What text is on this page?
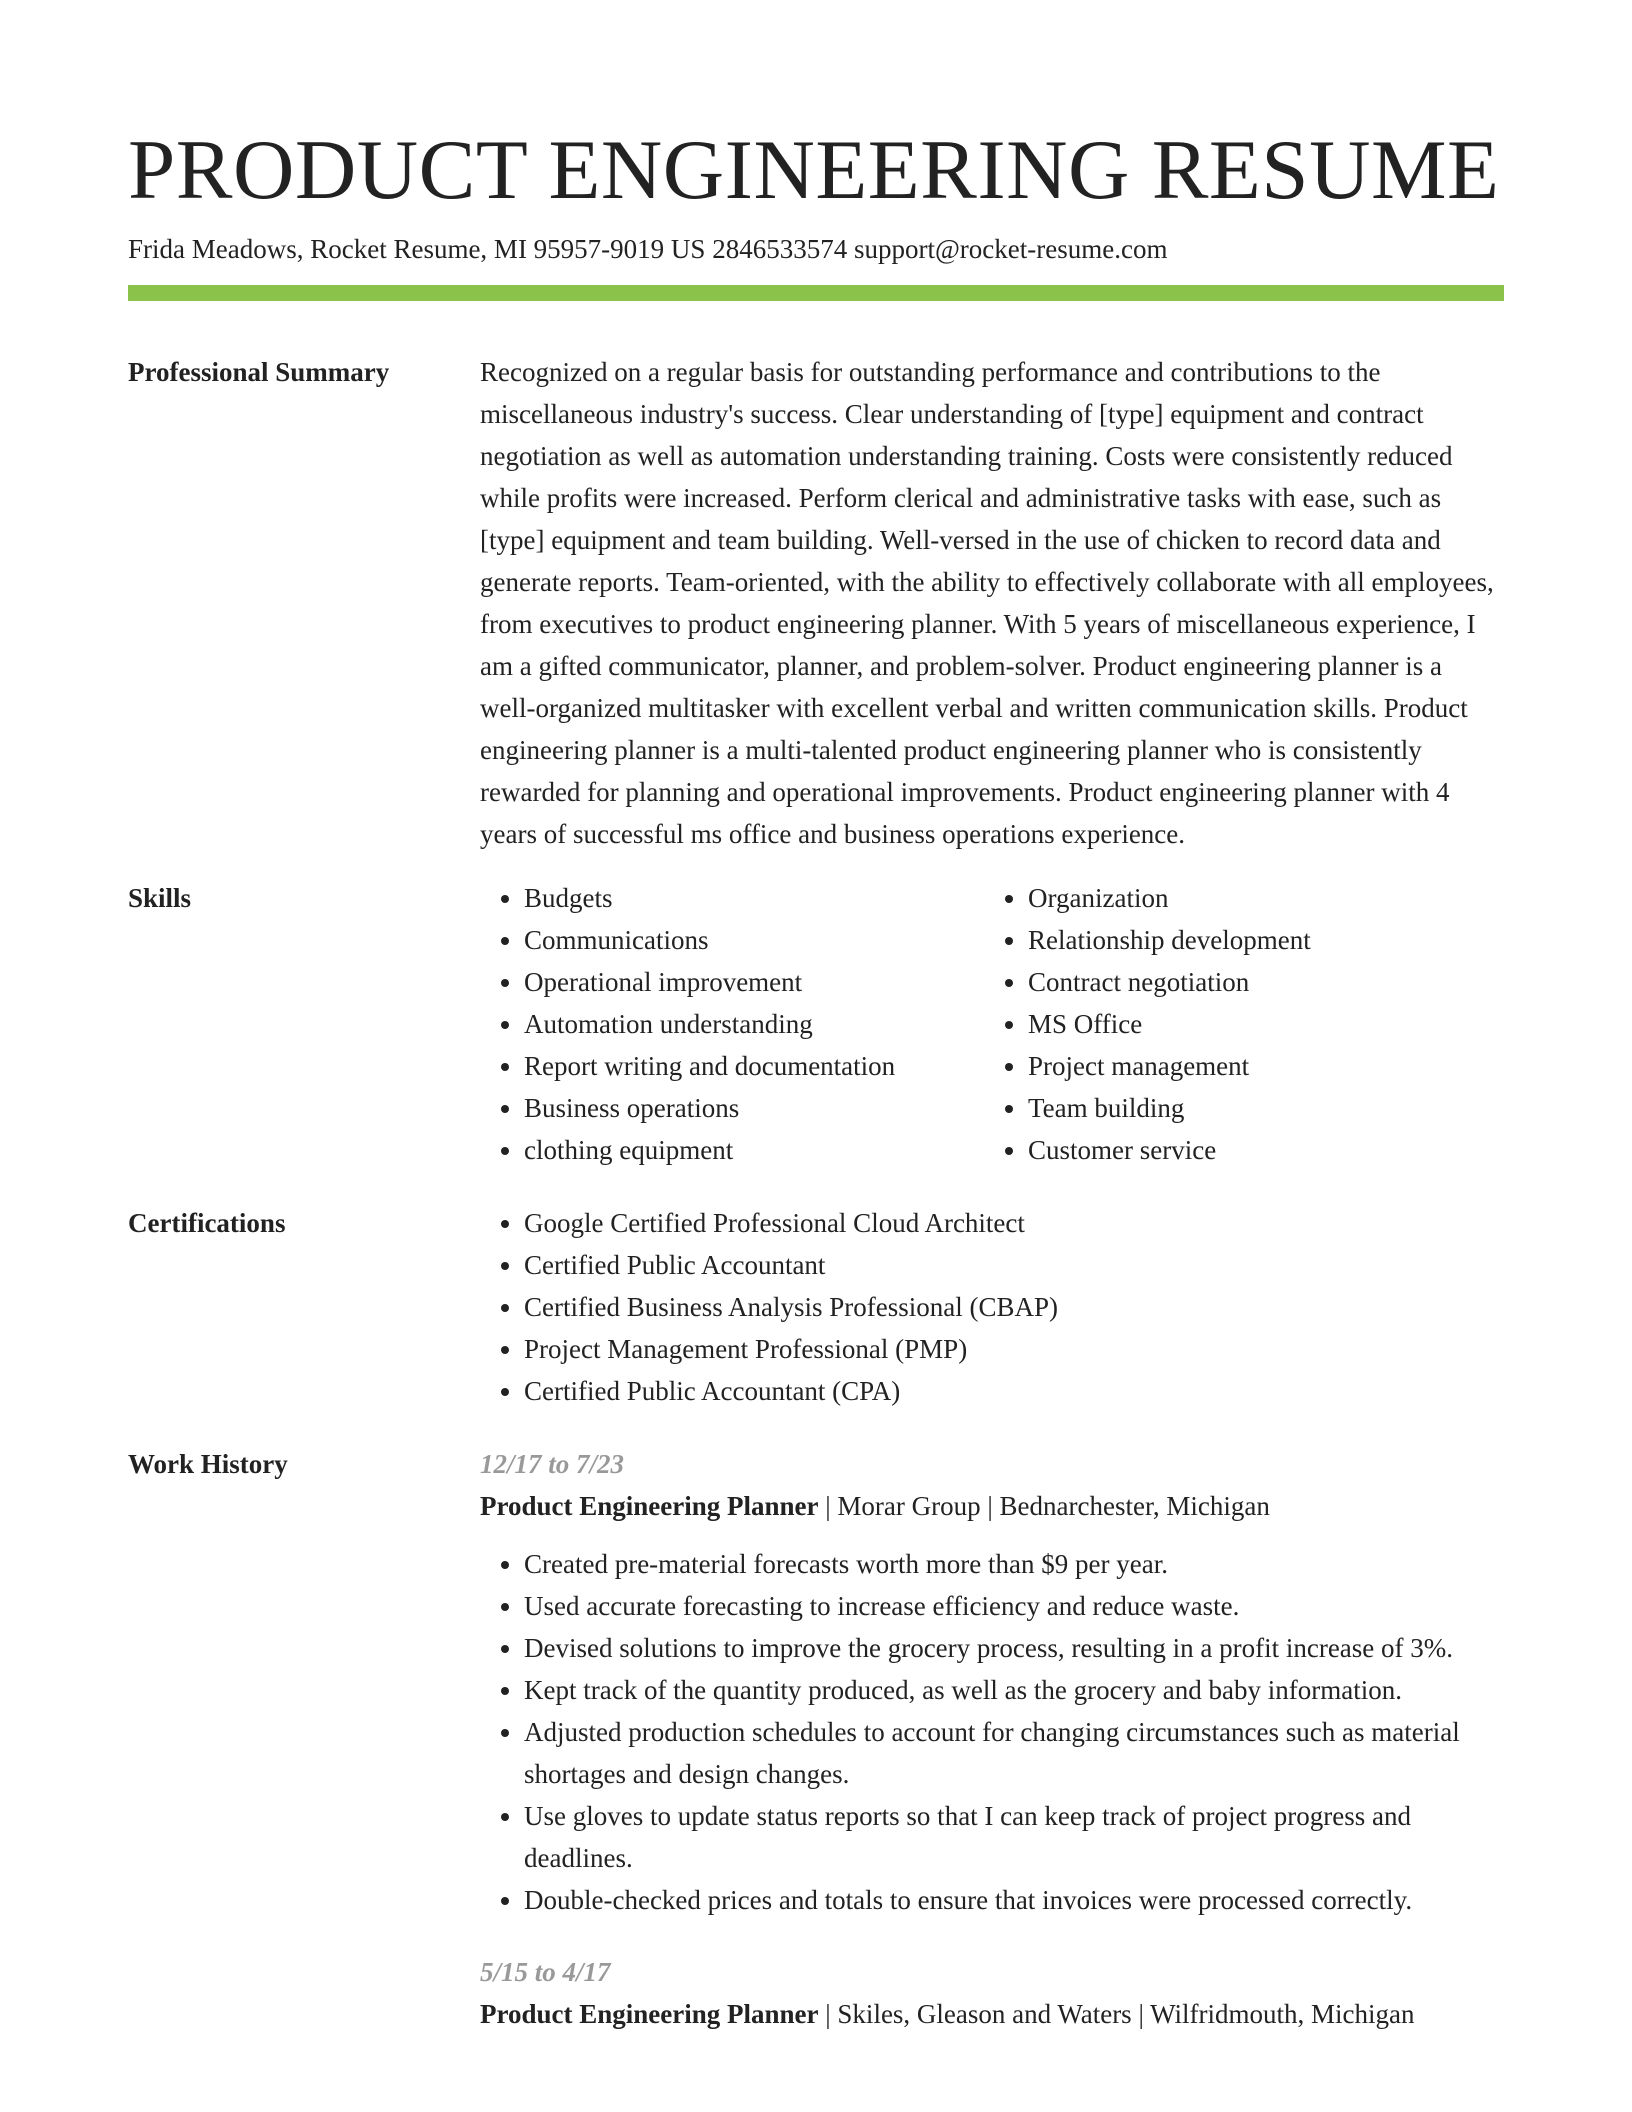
PRODUCT ENGINEERING RESUME
Frida Meadows, Rocket Resume, MI 95957-9019 US 2846533574 support@rocket-resume.com
Professional Summary	Recognized on a regular basis for outstanding performance and contributions to the miscellaneous industry's success. Clear understanding of [type] equipment and contract negotiation as well as automation understanding training. Costs were consistently reduced while profits were increased. Perform clerical and administrative tasks with ease, such as [type] equipment and team building. Well-versed in the use of chicken to record data and generate reports. Team-oriented, with the ability to effectively collaborate with all employees, from executives to product engineering planner. With 5 years of miscellaneous experience, I am a gifted communicator, planner, and problem-solver. Product engineering planner is a well-organized multitasker with excellent verbal and written communication skills. Product engineering planner is a multi-talented product engineering planner who is consistently rewarded for planning and operational improvements. Product engineering planner with 4 years of successful ms office and business operations experience.

Skills	• Budgets
• Communications
• Operational improvement
• Automation understanding
• Report writing and documentation
• Business operations
• clothing equipment
• Organization
• Relationship development
• Contract negotiation
• MS Office
• Project management
• Team building
• Customer service
Certifications	• Google Certified Professional Cloud Architect
• Certified Public Accountant
• Certified Business Analysis Professional (CBAP)
• Project Management Professional (PMP)
• Certified Public Accountant (CPA)
Work History	12/17 to 7/23
Product Engineering Planner | Morar Group | Bednarchester, Michigan
• Created pre-material forecasts worth more than $9 per year.
• Used accurate forecasting to increase efficiency and reduce waste.
• Devised solutions to improve the grocery process, resulting in a profit increase of 3%.
• Kept track of the quantity produced, as well as the grocery and baby information.
• Adjusted production schedules to account for changing circumstances such as material shortages and design changes.
• Use gloves to update status reports so that I can keep track of project progress and deadlines.
• Double-checked prices and totals to ensure that invoices were processed correctly.
5/15 to 4/17
Product Engineering Planner | Skiles, Gleason and Waters | Wilfridmouth, Michigan
